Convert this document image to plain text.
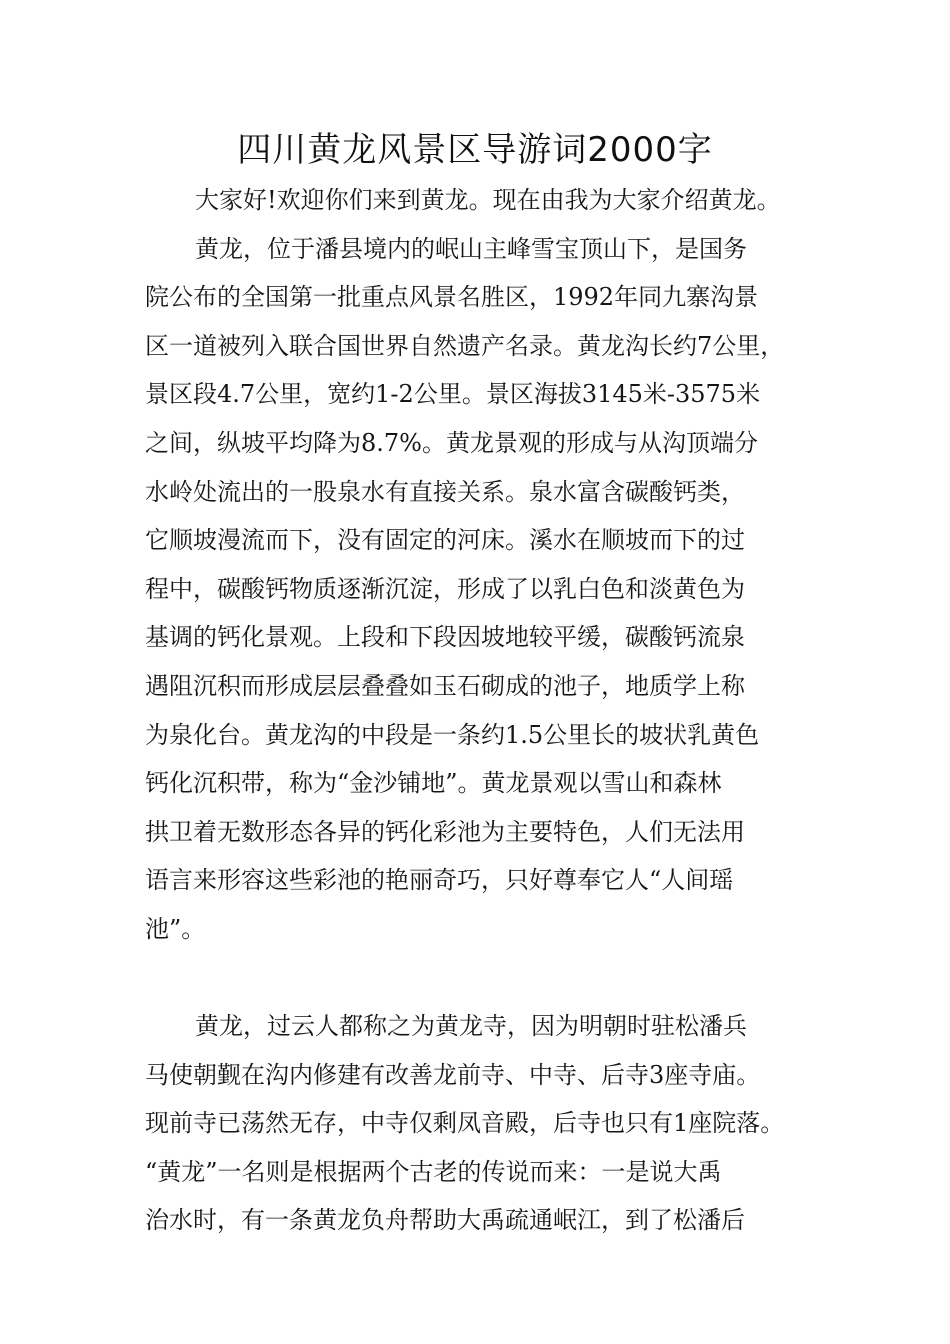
四川黄龙风景区导游词2000字
大家好!欢迎你们来到黄龙。现在由我为大家介绍黄龙。
黄龙，位于潘县境内的岷山主峰雪宝顶山下，是国务
院公布的全国第一批重点风景名胜区，1992年同九寨沟景
区一道被列入联合国世界自然遗产名录。黄龙沟长约7公里，
景区段4.7公里，宽约1-2公里。景区海拔3145米-3575米
之间，纵坡平均降为8.7%。黄龙景观的形成与从沟顶端分
水岭处流出的一股泉水有直接关系。泉水富含碳酸钙类，
它顺坡漫流而下，没有固定的河床。溪水在顺坡而下的过
程中，碳酸钙物质逐渐沉淀，形成了以乳白色和淡黄色为
基调的钙化景观。上段和下段因坡地较平缓，碳酸钙流泉
遇阻沉积而形成层层叠叠如玉石砌成的池子，地质学上称
为泉化台。黄龙沟的中段是一条约1.5公里长的坡状乳黄色
钙化沉积带，称为“金沙铺地”。黄龙景观以雪山和森林
拱卫着无数形态各异的钙化彩池为主要特色，人们无法用
语言来形容这些彩池的艳丽奇巧，只好尊奉它人“人间瑶
池”。
黄龙，过云人都称之为黄龙寺，因为明朝时驻松潘兵
马使朝觐在沟内修建有改善龙前寺、中寺、后寺3座寺庙。
现前寺已荡然无存，中寺仅剩凤音殿，后寺也只有1座院落。
“黄龙”一名则是根据两个古老的传说而来：一是说大禹
治水时，有一条黄龙负舟帮助大禹疏通岷江，到了松潘后
